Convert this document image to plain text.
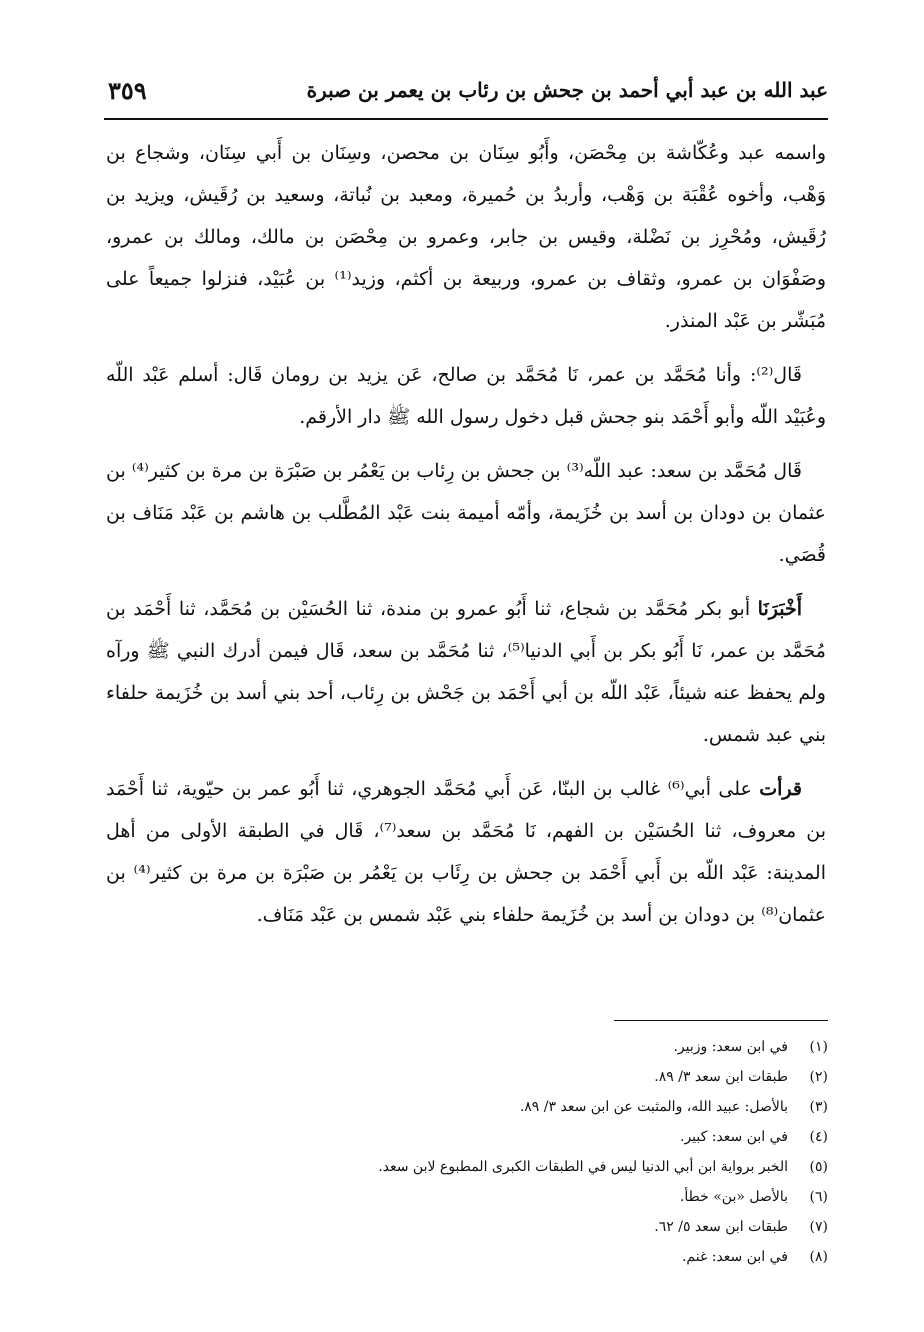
٣٥٩	عبد الله بن عبد أبي أحمد بن جحش بن رئاب بن يعمر بن صبرة

واسمه عبد وعُكّاشة بن مِحْصَن، وأَبُو سِنَان بن محصن، وسِنَان بن أَبي سِنَان، وشجاع بن وَهْب، وأخوه عُقْبَة بن وَهْب، وأربدُ بن حُميرة، ومعبد بن نُباتة، وسعيد بن رُقَيش، ويزيد بن رُقَيش، ومُحْرِز بن نَضْلة، وقيس بن جابر، وعمرو بن مِحْصَن بن مالك، ومالك بن عمرو، وصَفْوَان بن عمرو، وثقاف بن عمرو، وربيعة بن أكثم، وزيد⁽¹⁾ بن عُبَيْد، فنزلوا جميعاً على مُبَشّر بن عَبْد المنذر.

قَال⁽²⁾: وأنا مُحَمَّد بن عمر، نَا مُحَمَّد بن صالح، عَن يزيد بن رومان قَال: أسلم عَبْد اللّه وعُبَيْد اللّه وأبو أَحْمَد بنو جحش قبل دخول رسول الله ﷺ دار الأرقم.

قَال مُحَمَّد بن سعد: عبد اللّه⁽³⁾ بن جحش بن رِئاب بن يَعْمُر بن صَبْرَة بن مرة بن كثير⁽⁴⁾ بن عثمان بن دودان بن أسد بن خُزَيمة، وأمّه أميمة بنت عَبْد المُطَّلب بن هاشم بن عَبْد مَنَاف بن قُصَي.

أَخْبَرَنَا أبو بكر مُحَمَّد بن شجاع، ثنا أَبُو عمرو بن مندة، ثنا الحُسَيْن بن مُحَمَّد، ثنا أَحْمَد بن مُحَمَّد بن عمر، نَا أَبُو بكر بن أَبي الدنيا⁽⁵⁾، ثنا مُحَمَّد بن سعد، قَال فيمن أدرك النبي ﷺ ورآه ولم يحفظ عنه شيئاً، عَبْد اللّه بن أبي أَحْمَد بن جَحْش بن رِئاب، أحد بني أسد بن خُزَيمة حلفاء بني عبد شمس.

قرأت على أبي⁽⁶⁾ غالب بن البنّا، عَن أَبي مُحَمَّد الجوهري، ثنا أَبُو عمر بن حيّوية، ثنا أَحْمَد بن معروف، ثنا الحُسَيْن بن الفهم، نَا مُحَمَّد بن سعد⁽⁷⁾، قَال في الطبقة الأولى من أهل المدينة: عَبْد اللّه بن أَبي أَحْمَد بن جحش بن رِئَاب بن يَعْمُر بن صَبْرَة بن مرة بن كثير⁽⁴⁾ بن عثمان⁽⁸⁾ بن دودان بن أسد بن خُزَيمة حلفاء بني عَبْد شمس بن عَبْد مَنَاف.

(١)
في ابن سعد: وزبير.
(٢)
طبقات ابن سعد ٣/ ٨٩.
(٣)
بالأصل: عبيد الله، والمثبت عن ابن سعد ٣/ ٨٩.
(٤)
في ابن سعد: كبير.
(٥)
الخبر برواية ابن أبي الدنيا ليس في الطبقات الكبرى المطبوع لابن سعد.
(٦)
بالأصل «بن» خطأ.
(٧)
طبقات ابن سعد ٥/ ٦٢.
(٨)
في ابن سعد: غنم.
